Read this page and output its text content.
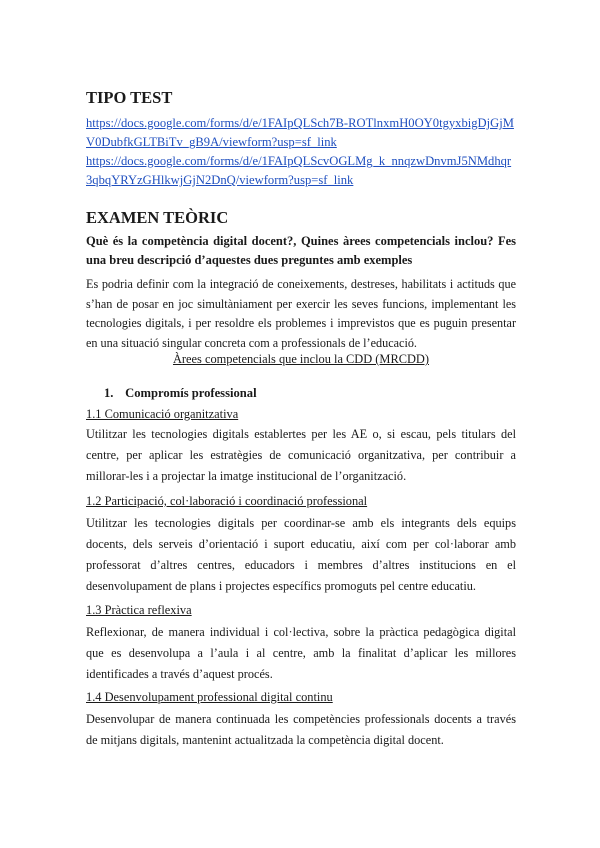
TIPO TEST
https://docs.google.com/forms/d/e/1FAIpQLSch7B-ROTlnxmH0OY0tgyxbigDjGjMV0DubfkGLTBiTv_gB9A/viewform?usp=sf_link
https://docs.google.com/forms/d/e/1FAIpQLScvOGLMg_k_nnqzwDnvmJ5NMdhqr3qbqYRYzGHlkwjGjN2DnQ/viewform?usp=sf_link
EXAMEN TEÒRIC
Què és la competència digital docent?, Quines àrees competencials inclou? Fes una breu descripció d’aquestes dues preguntes amb exemples

Es podria definir com la integració de coneixements, destreses, habilitats i actituds que s’han de posar en joc simultàniament per exercir les seves funcions, implementant les tecnologies digitals, i per resoldre els problemes i imprevistos que es puguin presentar en una situació singular concreta com a professionals de l’educació.

Àrees competencials que inclou la CDD (MRCDD)
1. Compromís professional
1.1 Comunicació organitzativa
Utilitzar les tecnologies digitals establertes per les AE o, si escau, pels titulars del centre, per aplicar les estratègies de comunicació organitzativa, per contribuir a millorar-les i a projectar la imatge institucional de l’organització.
1.2 Participació, col·laboració i coordinació professional
Utilitzar les tecnologies digitals per coordinar-se amb els integrants dels equips docents, dels serveis d’orientació i suport educatiu, així com per col·laborar amb professorat d’altres centres, educadors i membres d’altres institucions en el desenvolupament de plans i projectes específics promoguts pel centre educatiu.
1.3 Pràctica reflexiva
Reflexionar, de manera individual i col·lectiva, sobre la pràctica pedagògica digital que es desenvolupa a l’aula i al centre, amb la finalitat d’aplicar les millores identificades a través d’aquest procés.
1.4 Desenvolupament professional digital continu
Desenvolupar de manera continuada les competències professionals docents a través de mitjans digitals, mantenint actualitzada la competència digital docent.
